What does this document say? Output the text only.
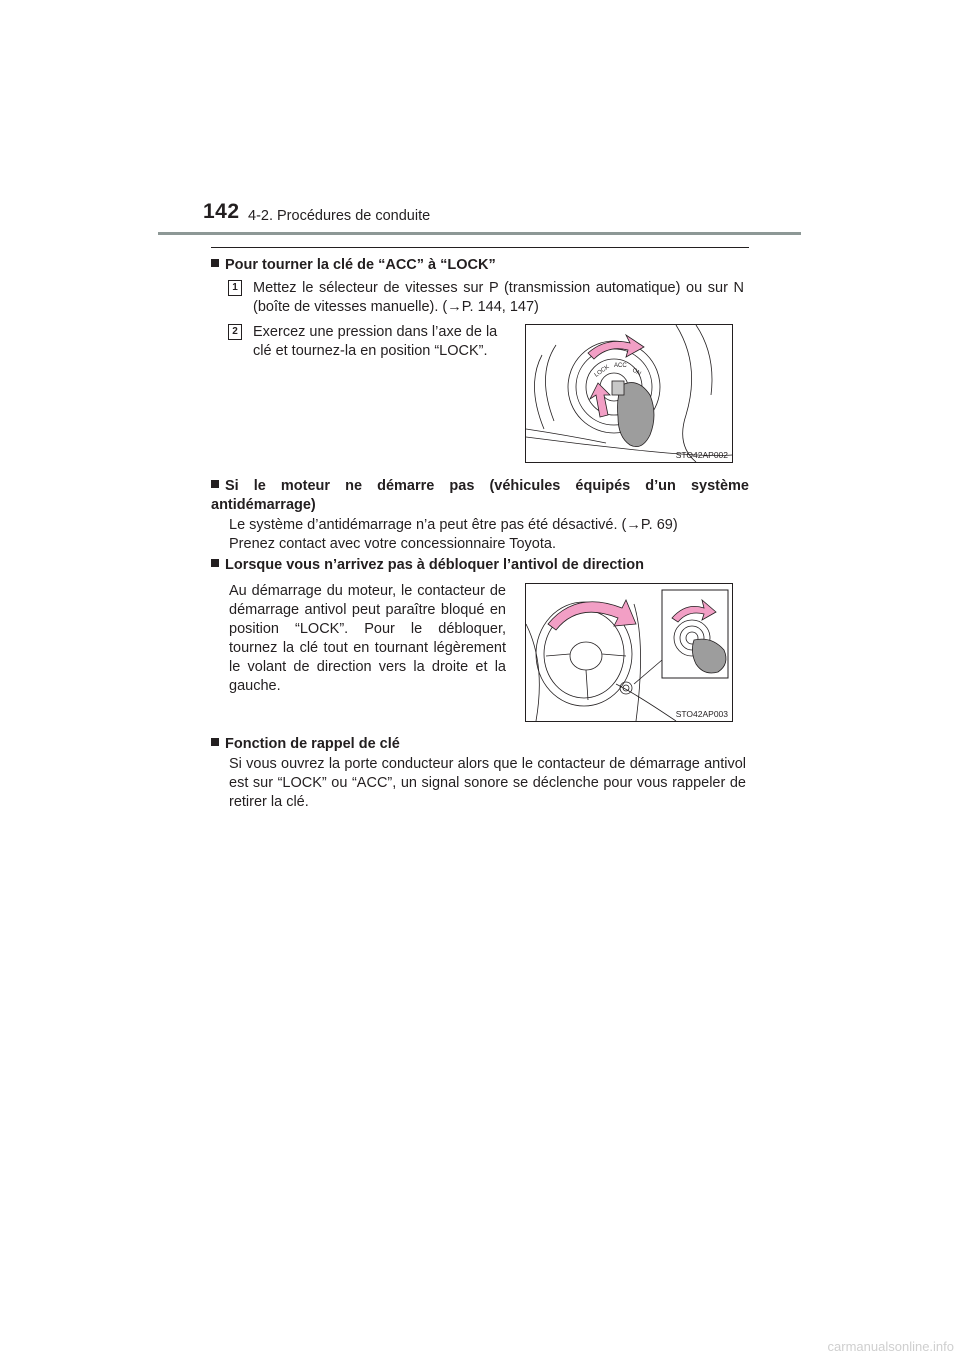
142 4-2. Procédures de conduite
Pour tourner la clé de “ACC” à “LOCK”
1 Mettez le sélecteur de vitesses sur P (transmission automatique) ou sur N (boîte de vitesses manuelle). (→P. 144, 147)
2 Exercez une pression dans l’axe de la clé et tournez-la en position “LOCK”.
LOCK ACC
ON
STO42AP002
Si le moteur ne démarre pas (véhicules équipés d’un système antidémarrage)
Le système d’antidémarrage n’a peut être pas été désactivé. (→P. 69)
Prenez contact avec votre concessionnaire Toyota.
Lorsque vous n’arrivez pas à débloquer l’antivol de direction
Au démarrage du moteur, le contacteur de démarrage antivol peut paraître bloqué en position “LOCK”. Pour le débloquer, tournez la clé tout en tournant légèrement le volant de direction vers la droite et la gauche.
STO42AP003
Fonction de rappel de clé
Si vous ouvrez la porte conducteur alors que le contacteur de démarrage antivol est sur “LOCK” ou “ACC”, un signal sonore se déclenche pour vous rappeler de retirer la clé.
carmanualsonline.info
